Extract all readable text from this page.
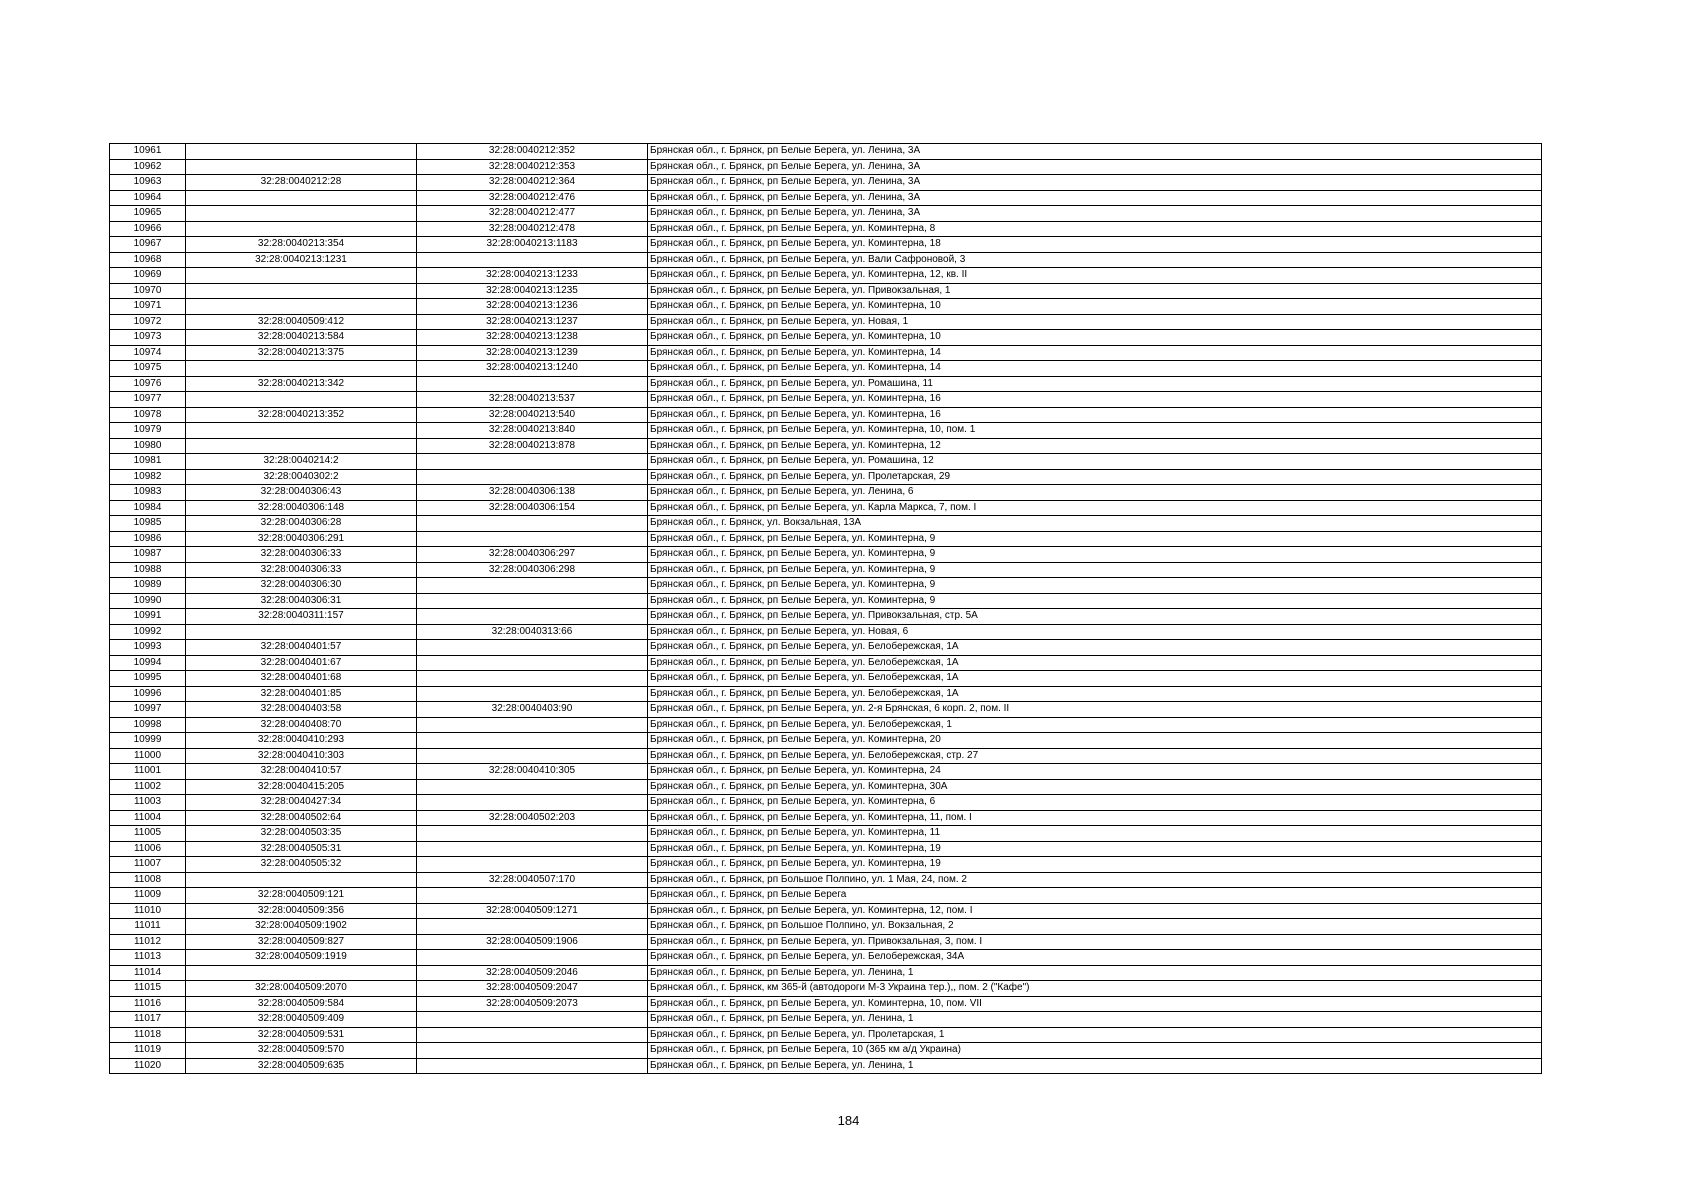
10961		32:28:0040212:352	Брянская обл., г. Брянск, рп Белые Берега, ул. Ленина, 3А
10962		32:28:0040212:353	Брянская обл., г. Брянск, рп Белые Берега, ул. Ленина, 3А
10963	32:28:0040212:28	32:28:0040212:364	Брянская обл., г. Брянск, рп Белые Берега, ул. Ленина, 3А
10964		32:28:0040212:476	Брянская обл., г. Брянск, рп Белые Берега, ул. Ленина, 3А
10965		32:28:0040212:477	Брянская обл., г. Брянск, рп Белые Берега, ул. Ленина, 3А
10966		32:28:0040212:478	Брянская обл., г. Брянск, рп Белые Берега, ул. Коминтерна, 8
10967	32:28:0040213:354	32:28:0040213:1183	Брянская обл., г. Брянск, рп Белые Берега, ул. Коминтерна, 18
10968	32:28:0040213:1231		Брянская обл., г. Брянск, рп Белые Берега, ул. Вали Сафроновой, 3
10969		32:28:0040213:1233	Брянская обл., г. Брянск, рп Белые Берега, ул. Коминтерна, 12, кв. II
10970		32:28:0040213:1235	Брянская обл., г. Брянск, рп Белые Берега, ул. Привокзальная, 1
10971		32:28:0040213:1236	Брянская обл., г. Брянск, рп Белые Берега, ул. Коминтерна, 10
10972	32:28:0040509:412	32:28:0040213:1237	Брянская обл., г. Брянск, рп Белые Берега, ул. Новая, 1
10973	32:28:0040213:584	32:28:0040213:1238	Брянская обл., г. Брянск, рп Белые Берега, ул. Коминтерна, 10
10974	32:28:0040213:375	32:28:0040213:1239	Брянская обл., г. Брянск, рп Белые Берега, ул. Коминтерна, 14
10975		32:28:0040213:1240	Брянская обл., г. Брянск, рп Белые Берега, ул. Коминтерна, 14
10976	32:28:0040213:342		Брянская обл., г. Брянск, рп Белые Берега, ул. Ромашина, 11
10977		32:28:0040213:537	Брянская обл., г. Брянск, рп Белые Берега, ул. Коминтерна, 16
10978	32:28:0040213:352	32:28:0040213:540	Брянская обл., г. Брянск, рп Белые Берега, ул. Коминтерна, 16
10979		32:28:0040213:840	Брянская обл., г. Брянск, рп Белые Берега, ул. Коминтерна, 10, пом. 1
10980		32:28:0040213:878	Брянская обл., г. Брянск, рп Белые Берега, ул. Коминтерна, 12
10981	32:28:0040214:2		Брянская обл., г. Брянск, рп Белые Берега, ул. Ромашина, 12
10982	32:28:0040302:2		Брянская обл., г. Брянск, рп Белые Берега, ул. Пролетарская, 29
10983	32:28:0040306:43	32:28:0040306:138	Брянская обл., г. Брянск, рп Белые Берега, ул. Ленина, 6
10984	32:28:0040306:148	32:28:0040306:154	Брянская обл., г. Брянск, рп Белые Берега, ул. Карла Маркса, 7, пом. I
10985	32:28:0040306:28		Брянская обл., г. Брянск, ул. Вокзальная, 13А
10986	32:28:0040306:291		Брянская обл., г. Брянск, рп Белые Берега, ул. Коминтерна, 9
10987	32:28:0040306:33	32:28:0040306:297	Брянская обл., г. Брянск, рп Белые Берега, ул. Коминтерна, 9
10988	32:28:0040306:33	32:28:0040306:298	Брянская обл., г. Брянск, рп Белые Берега, ул. Коминтерна, 9
10989	32:28:0040306:30		Брянская обл., г. Брянск, рп Белые Берега, ул. Коминтерна, 9
10990	32:28:0040306:31		Брянская обл., г. Брянск, рп Белые Берега, ул. Коминтерна, 9
10991	32:28:0040311:157		Брянская обл., г. Брянск, рп Белые Берега, ул. Привокзальная, стр. 5А
10992		32:28:0040313:66	Брянская обл., г. Брянск, рп Белые Берега, ул. Новая, 6
10993	32:28:0040401:57		Брянская обл., г. Брянск, рп Белые Берега, ул. Белобережская, 1А
10994	32:28:0040401:67		Брянская обл., г. Брянск, рп Белые Берега, ул. Белобережская, 1А
10995	32:28:0040401:68		Брянская обл., г. Брянск, рп Белые Берега, ул. Белобережская, 1А
10996	32:28:0040401:85		Брянская обл., г. Брянск, рп Белые Берега, ул. Белобережская, 1А
10997	32:28:0040403:58	32:28:0040403:90	Брянская обл., г. Брянск, рп Белые Берега, ул. 2-я Брянская, 6 корп. 2, пом. II
10998	32:28:0040408:70		Брянская обл., г. Брянск, рп Белые Берега, ул. Белобережская, 1
10999	32:28:0040410:293		Брянская обл., г. Брянск, рп Белые Берега, ул. Коминтерна, 20
11000	32:28:0040410:303		Брянская обл., г. Брянск, рп Белые Берега, ул. Белобережская, стр. 27
11001	32:28:0040410:57	32:28:0040410:305	Брянская обл., г. Брянск, рп Белые Берега, ул. Коминтерна, 24
11002	32:28:0040415:205		Брянская обл., г. Брянск, рп Белые Берега, ул. Коминтерна, 30А
11003	32:28:0040427:34		Брянская обл., г. Брянск, рп Белые Берега, ул. Коминтерна, 6
11004	32:28:0040502:64	32:28:0040502:203	Брянская обл., г. Брянск, рп Белые Берега, ул. Коминтерна, 11, пом. I
11005	32:28:0040503:35		Брянская обл., г. Брянск, рп Белые Берега, ул. Коминтерна, 11
11006	32:28:0040505:31		Брянская обл., г. Брянск, рп Белые Берега, ул. Коминтерна, 19
11007	32:28:0040505:32		Брянская обл., г. Брянск, рп Белые Берега, ул. Коминтерна, 19
11008		32:28:0040507:170	Брянская обл., г. Брянск, рп Большое Полпино, ул. 1 Мая, 24, пом. 2
11009	32:28:0040509:121		Брянская обл., г. Брянск, рп Белые Берега
11010	32:28:0040509:356	32:28:0040509:1271	Брянская обл., г. Брянск, рп Белые Берега, ул. Коминтерна, 12, пом. I
11011	32:28:0040509:1902		Брянская обл., г. Брянск, рп Большое Полпино, ул. Вокзальная, 2
11012	32:28:0040509:827	32:28:0040509:1906	Брянская обл., г. Брянск, рп Белые Берега, ул. Привокзальная, 3, пом. I
11013	32:28:0040509:1919		Брянская обл., г. Брянск, рп Белые Берега, ул. Белобережская, 34А
11014		32:28:0040509:2046	Брянская обл., г. Брянск, рп Белые Берега, ул. Ленина, 1
11015	32:28:0040509:2070	32:28:0040509:2047	Брянская обл., г. Брянск, км 365-й (автодороги М-3 Украина тер.),, пом. 2 ("Кафе")
11016	32:28:0040509:584	32:28:0040509:2073	Брянская обл., г. Брянск, рп Белые Берега, ул. Коминтерна, 10, пом. VII
11017	32:28:0040509:409		Брянская обл., г. Брянск, рп Белые Берега, ул. Ленина, 1
11018	32:28:0040509:531		Брянская обл., г. Брянск, рп Белые Берега, ул. Пролетарская, 1
11019	32:28:0040509:570		Брянская обл., г. Брянск, рп Белые Берега, 10 (365 км а/д Украина)
11020	32:28:0040509:635		Брянская обл., г. Брянск, рп Белые Берега, ул. Ленина, 1
184
